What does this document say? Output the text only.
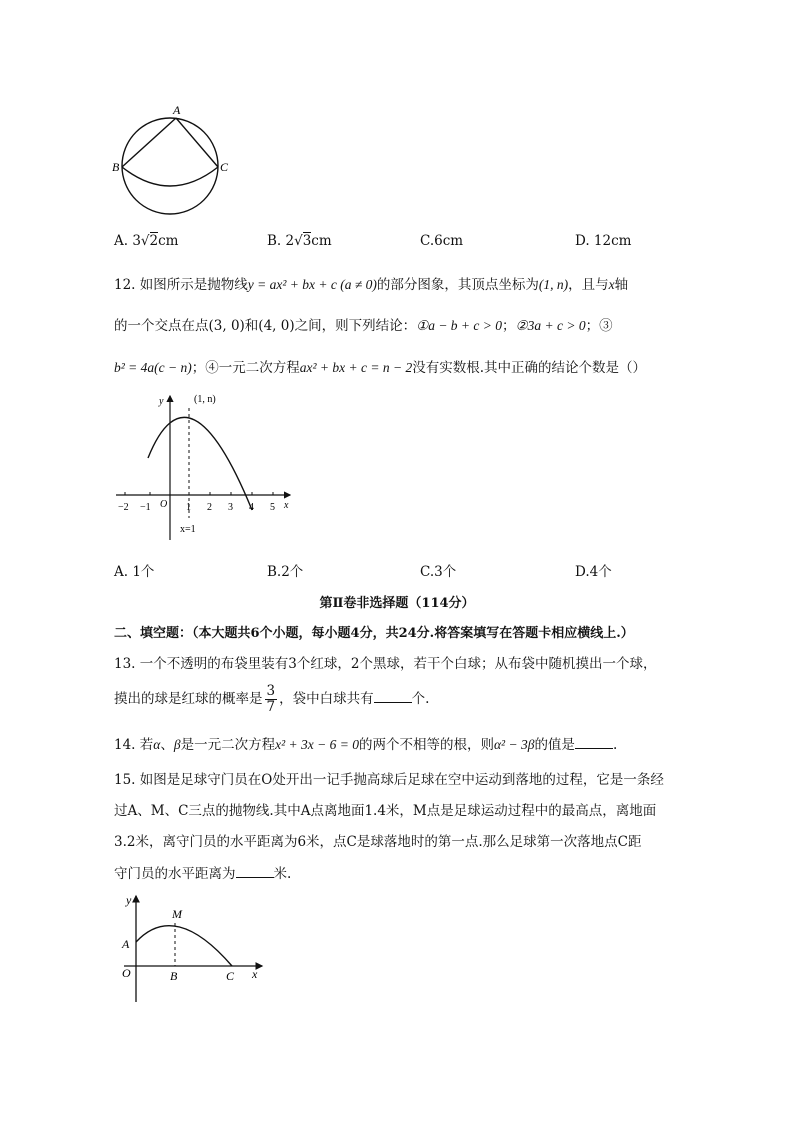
A
B	C
A. 3√2cm	B. 2√3cm	C.6cm	D. 12cm
12. 如图所示是抛物线y = ax² + bx + c (a ≠ 0)的部分图象，其顶点坐标为(1, n)，且与x轴
的一个交点在点(3, 0)和(4, 0)之间，则下列结论：①a − b + c > 0；②3a + c > 0；③
b² = 4a(c − n)；④一元二次方程ax² + bx + c = n − 2没有实数根.其中正确的结论个数是（）
−2 −1 O 1 2 3 4 5 x
y	(1, n)
x=1
A. 1个	B.2个	C.3个	D.4个
第Ⅱ卷非选择题（114分）
二、填空题：（本大题共6个小题，每小题4分，共24分.将答案填写在答题卡相应横线上.）
13. 一个不透明的布袋里装有3个红球，2个黑球，若干个白球；从布袋中随机摸出一个球，
摸出的球是红球的概率是 $\frac{3}{7}$ ，袋中白球共有	个.
14. 若α、β是一元二次方程x² + 3x − 6 = 0的两个不相等的根，则α² − 3β的值是	.
15. 如图是足球守门员在O处开出一记手抛高球后足球在空中运动到落地的过程，它是一条经
过A、M、C三点的抛物线.其中A点离地面1.4米，M点是足球运动过程中的最高点，离地面
3.2米，离守门员的水平距离为6米，点C是球落地时的第一点.那么足球第一次落地点C距
守门员的水平距离为	米.
y
x
O
A
M
B	C
